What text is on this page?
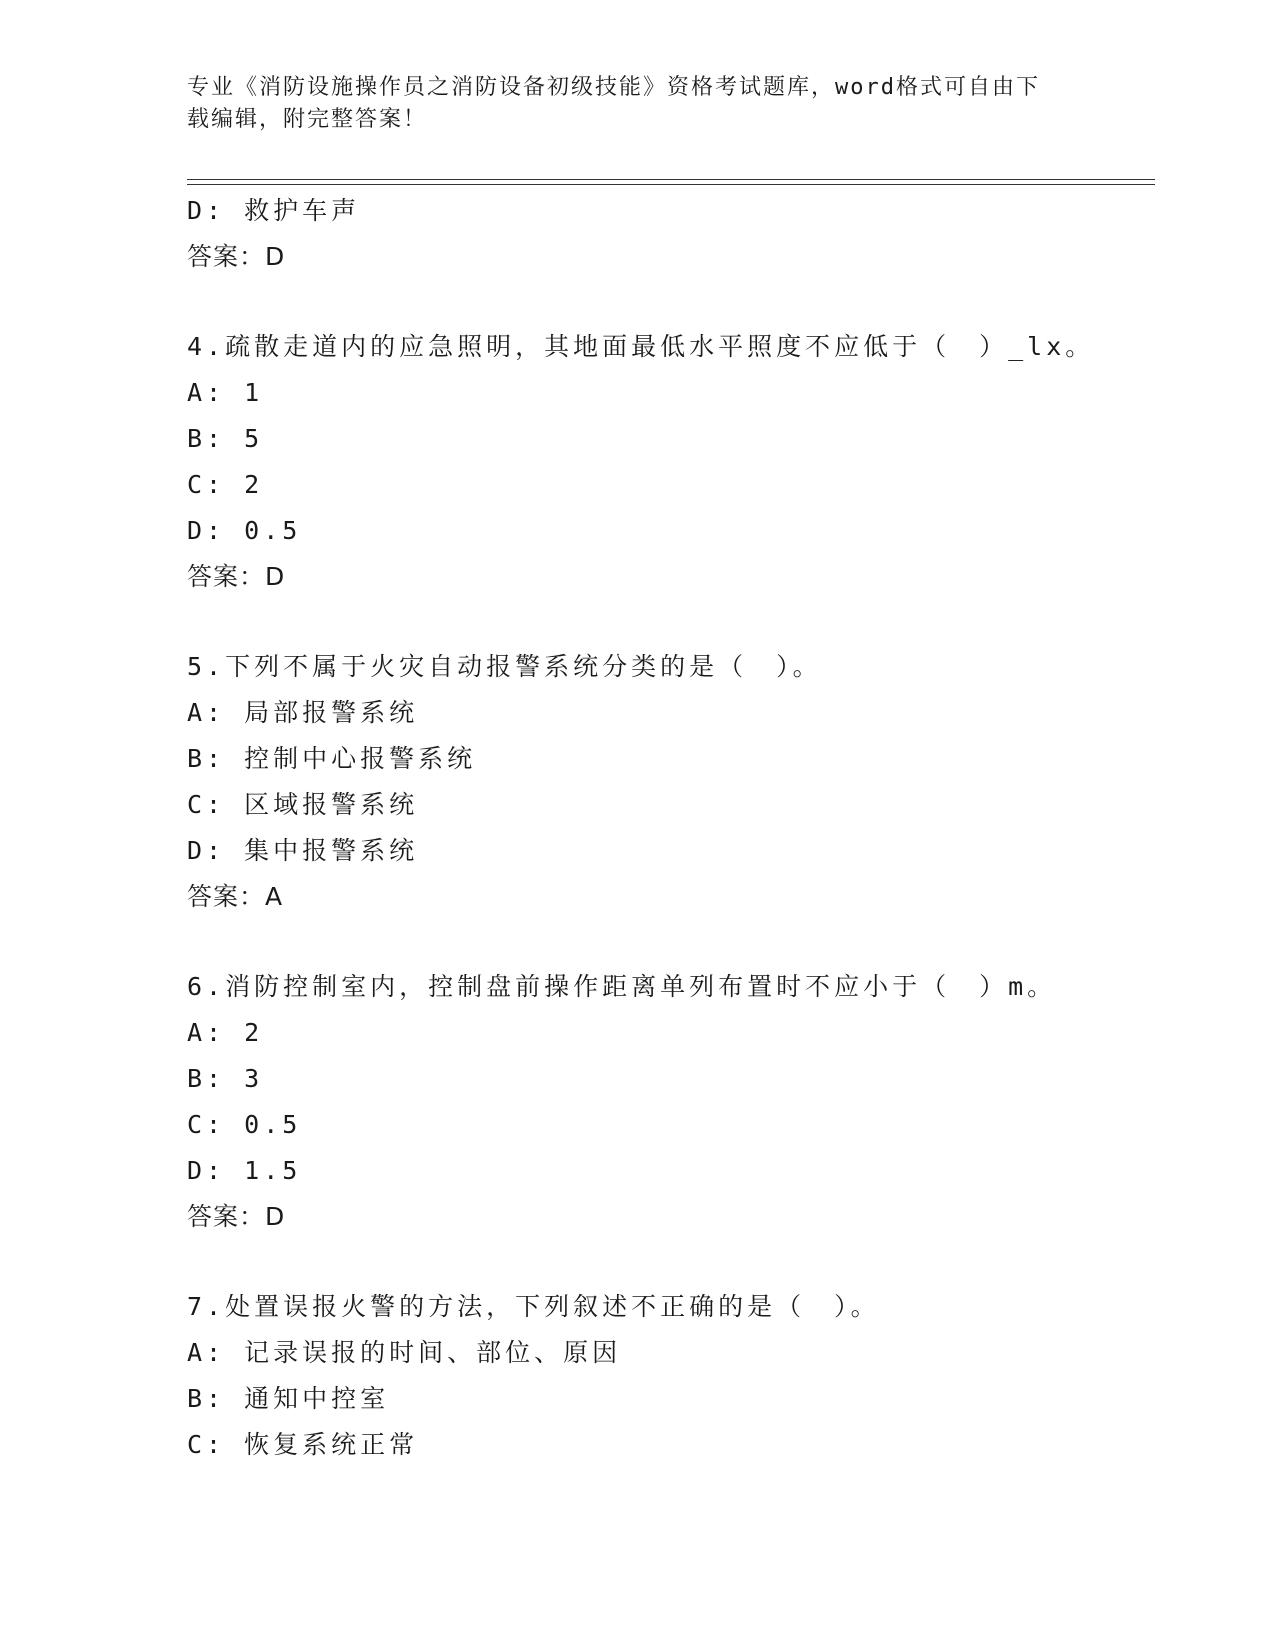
专业《消防设施操作员之消防设备初级技能》资格考试题库，word格式可自由下
载编辑，附完整答案！
D: 救护车声
答案：D
4.疏散走道内的应急照明，其地面最低水平照度不应低于（　）_lx。
A: 1
B: 5
C: 2
D: 0.5
答案：D
5.下列不属于火灾自动报警系统分类的是（　）。
A: 局部报警系统
B: 控制中心报警系统
C: 区域报警系统
D: 集中报警系统
答案：A
6.消防控制室内，控制盘前操作距离单列布置时不应小于（　）m。
A: 2
B: 3
C: 0.5
D: 1.5
答案：D
7.处置误报火警的方法，下列叙述不正确的是（　）。
A: 记录误报的时间、部位、原因
B: 通知中控室
C: 恢复系统正常
